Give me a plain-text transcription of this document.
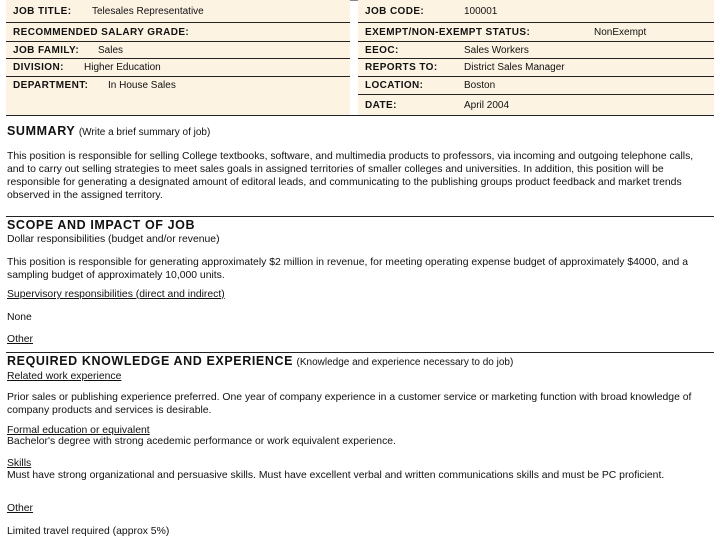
JOB TITLE: Telesales Representative
RECOMMENDED SALARY GRADE:
JOB FAMILY: Sales
DIVISION: Higher Education
DEPARTMENT: In House Sales
JOB CODE:	100001
EXEMPT/NON-EXEMPT STATUS:	NonExempt
EEOC:	Sales Workers
REPORTS TO:	District Sales Manager
LOCATION:	Boston
DATE:	April 2004
SUMMARY (Write a brief summary of job)
This position is responsible for selling College textbooks, software, and multimedia products to professors, via incoming and outgoing telephone calls, and to carry out selling strategies to meet sales goals in assigned territories of smaller colleges and universities. In addition, this position will be responsible for generating a designated amount of editoral leads, and communicating to the publishing groups product feedback and market trends observed in the assigned territory.
SCOPE AND IMPACT OF JOB
Dollar responsibilities (budget and/or revenue)
This position is responsible for generating approximately $2 million in revenue, for meeting operating expense budget of approximately $4000, and a sampling budget of approximately 10,000 units.
Supervisory responsibilities (direct and indirect)
None
Other
REQUIRED KNOWLEDGE AND EXPERIENCE (Knowledge and experience necessary to do job)
Related work experience
Prior sales or publishing experience preferred. One year of company experience in a customer service or marketing function with broad knowledge of company products and services is desirable.
Formal education or equivalent
Bachelor's degree with strong acedemic performance or work equivalent experience.
Skills
Must have strong organizational and persuasive skills. Must have excellent verbal and written communications skills and must be PC proficient.
Other
Limited travel required (approx 5%)
